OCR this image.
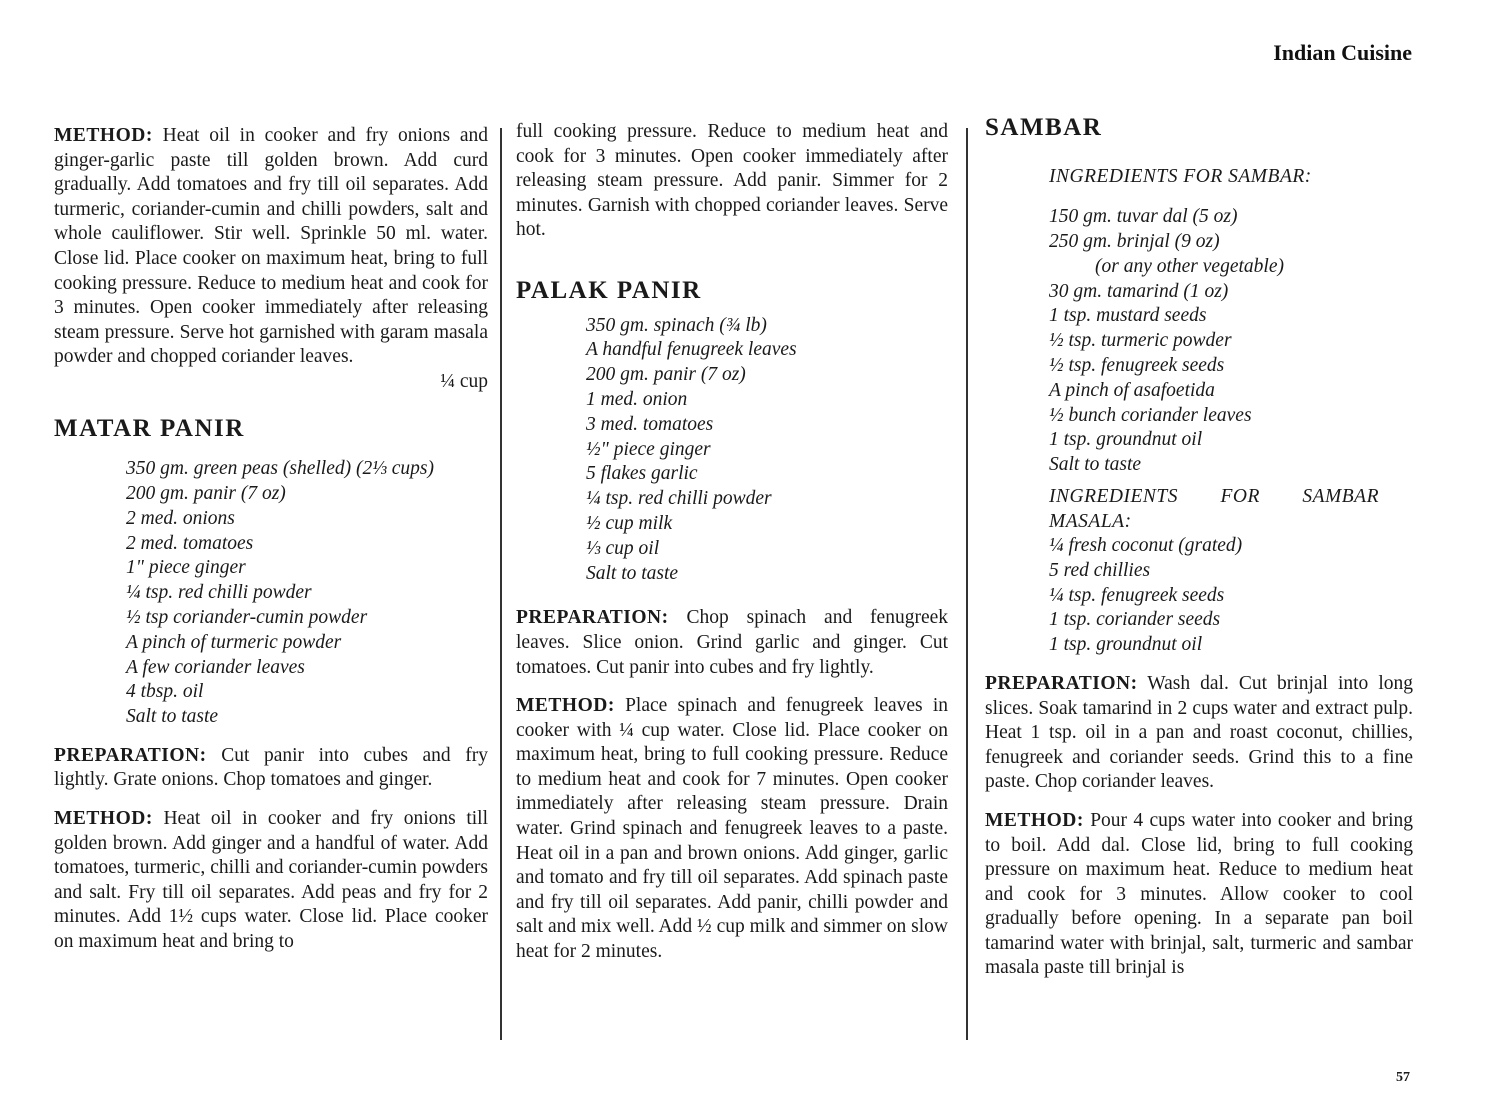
Indian Cuisine

METHOD: Heat oil in cooker and fry onions and ginger-garlic paste till golden brown. Add curd gradually. Add tomatoes and fry till oil separates. Add turmeric, coriander-cumin and chilli powders, salt and whole cauliflower. Stir well. Sprinkle 50 ml. water. Close lid. Place cooker on maximum heat, bring to full cooking pressure. Reduce to medium heat and cook for 3 minutes. Open cooker immediately after releasing steam pressure. Serve hot garnished with garam masala powder and chopped coriander leaves.

¼ cup

MATAR PANIR
350 gm. green peas (shelled) (2⅓ cups)
200 gm. panir (7 oz)
2 med. onions
2 med. tomatoes
1" piece ginger
¼ tsp. red chilli powder
½ tsp coriander-cumin powder
A pinch of turmeric powder
A few coriander leaves
4 tbsp. oil
Salt to taste

PREPARATION: Cut panir into cubes and fry lightly. Grate onions. Chop tomatoes and ginger.

METHOD: Heat oil in cooker and fry onions till golden brown. Add ginger and a handful of water. Add tomatoes, turmeric, chilli and coriander-cumin powders and salt. Fry till oil separates. Add peas and fry for 2 minutes. Add 1½ cups water. Close lid. Place cooker on maximum heat and bring to

full cooking pressure. Reduce to medium heat and cook for 3 minutes. Open cooker immediately after releasing steam pressure. Add panir. Simmer for 2 minutes. Garnish with chopped coriander leaves. Serve hot.

PALAK PANIR
350 gm. spinach (¾ lb)
A handful fenugreek leaves
200 gm. panir (7 oz)
1 med. onion
3 med. tomatoes
½" piece ginger
5 flakes garlic
¼ tsp. red chilli powder
½ cup milk
⅓ cup oil
Salt to taste

PREPARATION: Chop spinach and fenugreek leaves. Slice onion. Grind garlic and ginger. Cut tomatoes. Cut panir into cubes and fry lightly.

METHOD: Place spinach and fenugreek leaves in cooker with ¼ cup water. Close lid. Place cooker on maximum heat, bring to full cooking pressure. Reduce to medium heat and cook for 7 minutes. Open cooker immediately after releasing steam pressure. Drain water. Grind spinach and fenugreek leaves to a paste. Heat oil in a pan and brown onions. Add ginger, garlic and tomato and fry till oil separates. Add spinach paste and fry till oil separates. Add panir, chilli powder and salt and mix well. Add ½ cup milk and simmer on slow heat for 2 minutes.

SAMBAR

INGREDIENTS FOR SAMBAR:

150 gm. tuvar dal (5 oz)
250 gm. brinjal (9 oz)
(or any other vegetable)
30 gm. tamarind (1 oz)
1 tsp. mustard seeds
½ tsp. turmeric powder
½ tsp. fenugreek seeds
A pinch of asafoetida
½ bunch coriander leaves
1 tsp. groundnut oil
Salt to taste

INGREDIENTS FOR SAMBAR MASALA:

¼ fresh coconut (grated)
5 red chillies
¼ tsp. fenugreek seeds
1 tsp. coriander seeds
1 tsp. groundnut oil

PREPARATION: Wash dal. Cut brinjal into long slices. Soak tamarind in 2 cups water and extract pulp. Heat 1 tsp. oil in a pan and roast coconut, chillies, fenugreek and coriander seeds. Grind this to a fine paste. Chop coriander leaves.

METHOD: Pour 4 cups water into cooker and bring to boil. Add dal. Close lid, bring to full cooking pressure on maximum heat. Reduce to medium heat and cook for 3 minutes. Allow cooker to cool gradually before opening. In a separate pan boil tamarind water with brinjal, salt, turmeric and sambar masala paste till brinjal is

57
